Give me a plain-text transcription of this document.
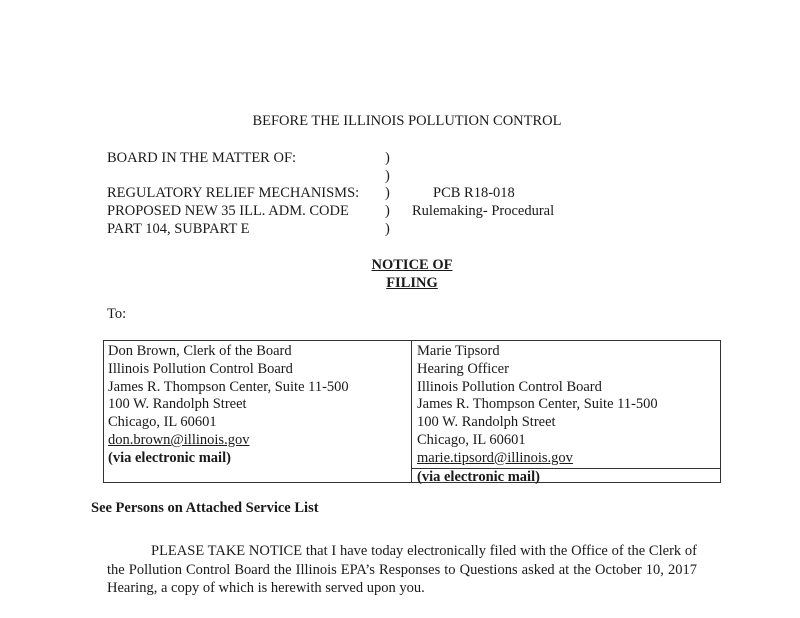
BEFORE THE ILLINOIS POLLUTION CONTROL
BOARD IN THE MATTER OF:
REGULATORY RELIEF MECHANISMS:
PROPOSED NEW 35 ILL. ADM. CODE
PART 104, SUBPART E
)
)
)
)
)
PCB R18-018
Rulemaking- Procedural
NOTICE OF
FILING
To:
Don Brown, Clerk of the Board
Illinois Pollution Control Board
James R. Thompson Center, Suite 11-500
100 W. Randolph Street
Chicago, IL 60601
don.brown@illinois.gov
(via electronic mail)
Marie Tipsord
Hearing Officer
Illinois Pollution Control Board
James R. Thompson Center, Suite 11-500
100 W. Randolph Street
Chicago, IL 60601
marie.tipsord@illinois.gov
(via electronic mail)
See Persons on Attached Service List
PLEASE TAKE NOTICE that I have today electronically filed with the Office of the Clerk of the Pollution Control Board the Illinois EPA’s Responses to Questions asked at the October 10, 2017 Hearing, a copy of which is herewith served upon you.
